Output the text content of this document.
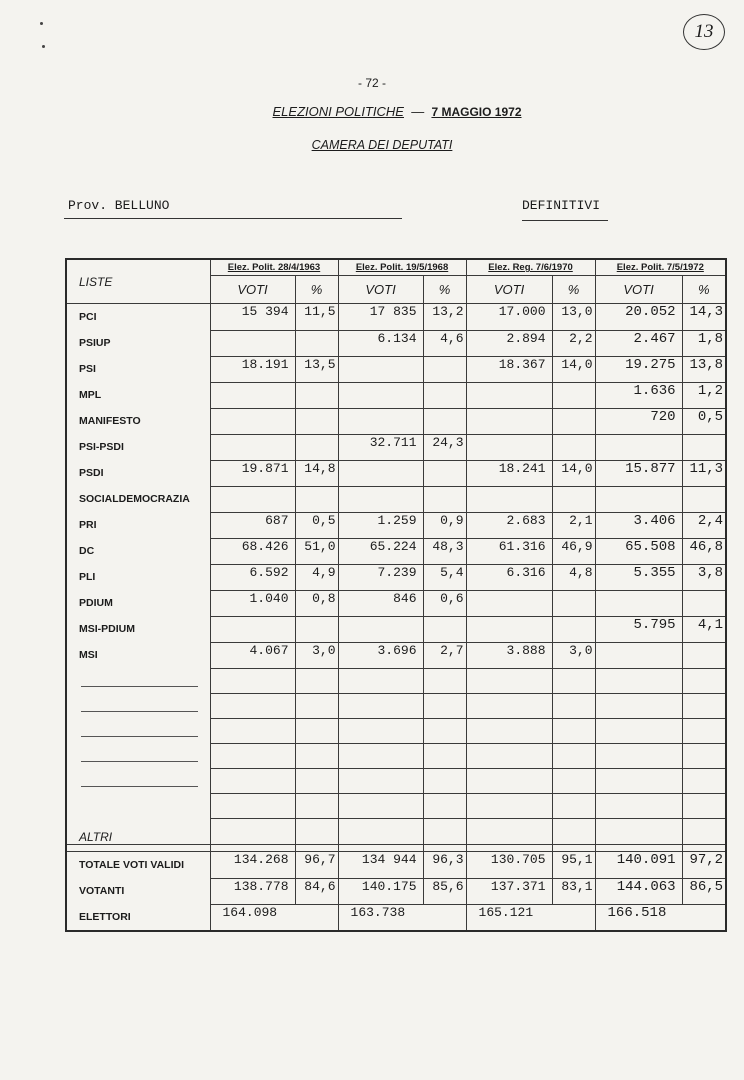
13
- 72 -
ELEZIONI POLITICHE — 7 MAGGIO 1972
CAMERA DEI DEPUTATI
Prov. BELLUNO	DEFINITIVI
LISTE	Elez. Polit. 28/4/1963		Elez. Polit. 19/5/1968		Elez. Reg. 7/6/1970		Elez. Polit. 7/5/1972	
	VOTI	%	VOTI	%	VOTI	%	VOTI	%
PCI	15 394	11,5	17 835	13,2	17.000	13,0	20.052	14,3
PSIUP			6.134	4,6	2.894	2,2	2.467	1,8
PSI	18.191	13,5			18.367	14,0	19.275	13,8
MPL							1.636	1,2
MANIFESTO							720	0,5
PSI-PSDI			32.711	24,3				
PSDI	19.871	14,8			18.241	14,0	15.877	11,3
SOCIALDEMOCRAZIA								
PRI	687	0,5	1.259	0,9	2.683	2,1	3.406	2,4
DC	68.426	51,0	65.224	48,3	61.316	46,9	65.508	46,8
PLI	6.592	4,9	7.239	5,4	6.316	4,8	5.355	3,8
PDIUM	1.040	0,8	846	0,6				
MSI-PDIUM							5.795	4,1
MSI	4.067	3,0	3.696	2,7	3.888	3,0		

ALTRI								

TOTALE VOTI VALIDI	134.268	96,7	134 944	96,3	130.705	95,1	140.091	97,2
VOTANTI	138.778	84,6	140.175	85,6	137.371	83,1	144.063	86,5
ELETTORI	164.098		163.738		165.121		166.518	
